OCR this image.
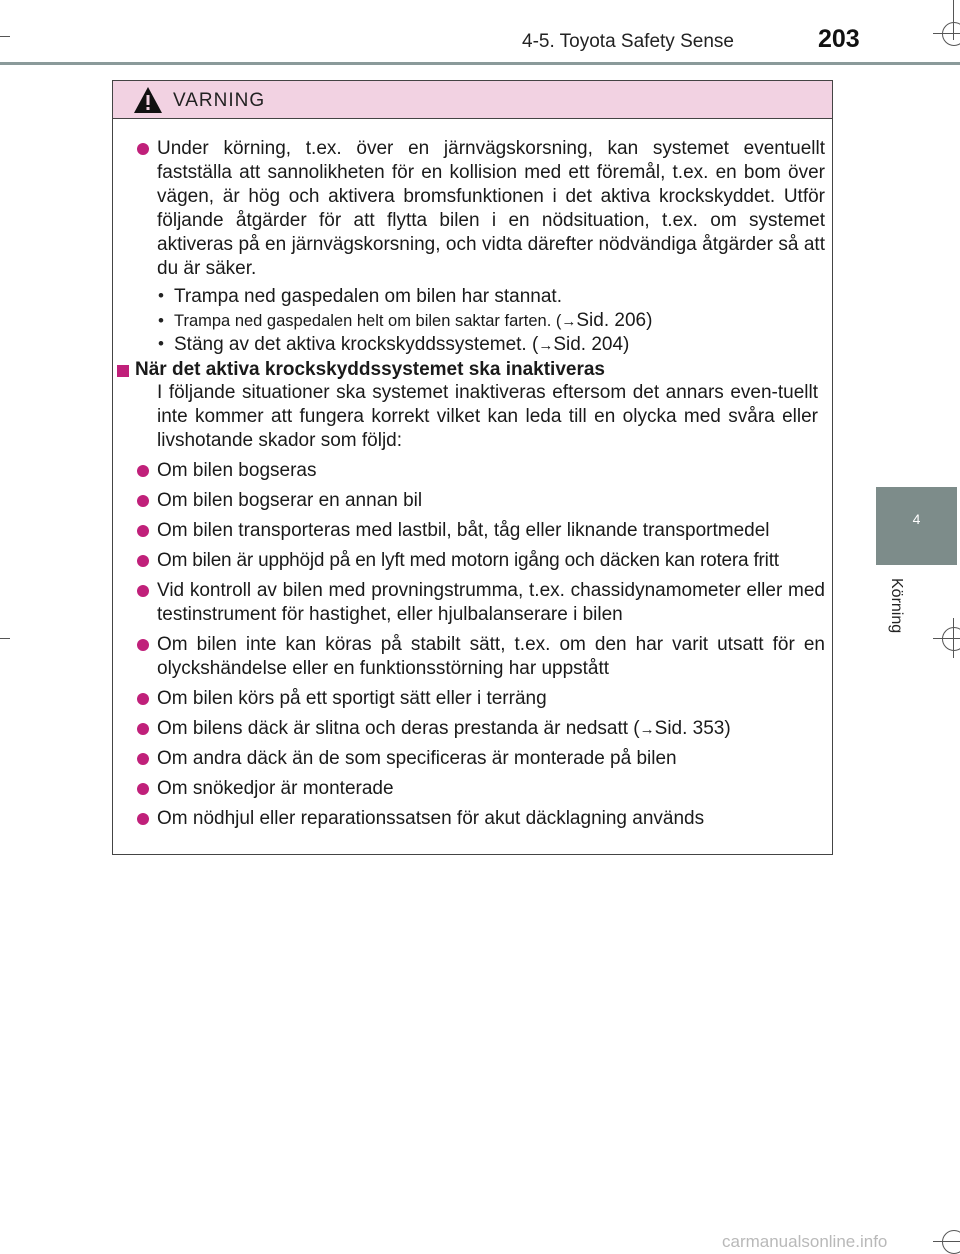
4-5. Toyota Safety Sense	203
4
Körning
VARNING
Under körning, t.ex. över en järnvägskorsning, kan systemet eventuellt fastställa att sannolikheten för en kollision med ett föremål, t.ex. en bom över vägen, är hög och aktivera bromsfunktionen i det aktiva krockskyddet. Utför följande åtgärder för att flytta bilen i en nödsituation, t.ex. om systemet aktiveras på en järnvägskorsning, och vidta därefter nödvändiga åtgärder så att du är säker.
• Trampa ned gaspedalen om bilen har stannat.
• Trampa ned gaspedalen helt om bilen saktar farten. (→Sid. 206)
• Stäng av det aktiva krockskyddssystemet. (→Sid. 204)
När det aktiva krockskyddssystemet ska inaktiveras
I följande situationer ska systemet inaktiveras eftersom det annars even-tuellt inte kommer att fungera korrekt vilket kan leda till en olycka med svåra eller livshotande skador som följd:
Om bilen bogseras
Om bilen bogserar en annan bil
Om bilen transporteras med lastbil, båt, tåg eller liknande transportmedel
Om bilen är upphöjd på en lyft med motorn igång och däcken kan rotera fritt
Vid kontroll av bilen med provningstrumma, t.ex. chassidynamometer eller med testinstrument för hastighet, eller hjulbalanserare i bilen
Om bilen inte kan köras på stabilt sätt, t.ex. om den har varit utsatt för en olyckshändelse eller en funktionsstörning har uppstått
Om bilen körs på ett sportigt sätt eller i terräng
Om bilens däck är slitna och deras prestanda är nedsatt (→Sid. 353)
Om andra däck än de som specificeras är monterade på bilen
Om snökedjor är monterade
Om nödhjul eller reparationssatsen för akut däcklagning används
carmanualsonline.info
